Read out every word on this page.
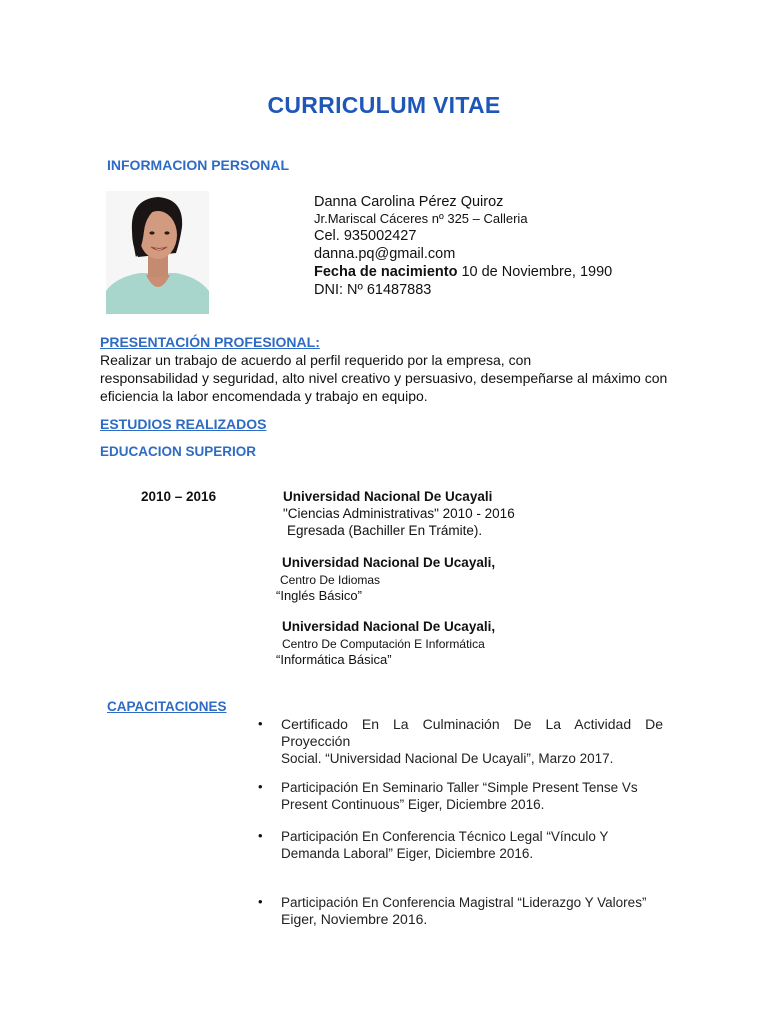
CURRICULUM VITAE
INFORMACION PERSONAL
Danna Carolina Pérez Quiroz
Jr.Mariscal Cáceres nº 325 – Calleria
Cel. 935002427
danna.pq@gmail.com
Fecha de nacimiento 10 de Noviembre, 1990
DNI: Nº 61487883
PRESENTACIÓN PROFESIONAL:
Realizar un trabajo de acuerdo al perfil requerido por la empresa, con
responsabilidad y seguridad, alto nivel creativo y persuasivo, desempeñarse al máximo con
eficiencia la labor encomendada y trabajo en equipo.
ESTUDIOS REALIZADOS
EDUCACION SUPERIOR
2010 – 2016	Universidad Nacional De Ucayali
"Ciencias Administrativas" 2010 - 2016
Egresada (Bachiller En Trámite).
Universidad Nacional De Ucayali,
Centro De Idiomas
“Inglés Básico”
Universidad Nacional De Ucayali,
Centro De Computación E Informática
“Informática Básica”
CAPACITACIONES
• Certificado En La Culminación De La Actividad De Proyección
Social. “Universidad Nacional De Ucayali”, Marzo 2017.
• Participación En Seminario Taller “Simple Present Tense Vs
Present Continuous” Eiger, Diciembre 2016.
• Participación En Conferencia Técnico Legal “Vínculo Y
Demanda Laboral” Eiger, Diciembre 2016.
• Participación En Conferencia Magistral “Liderazgo Y Valores”
Eiger, Noviembre 2016.
